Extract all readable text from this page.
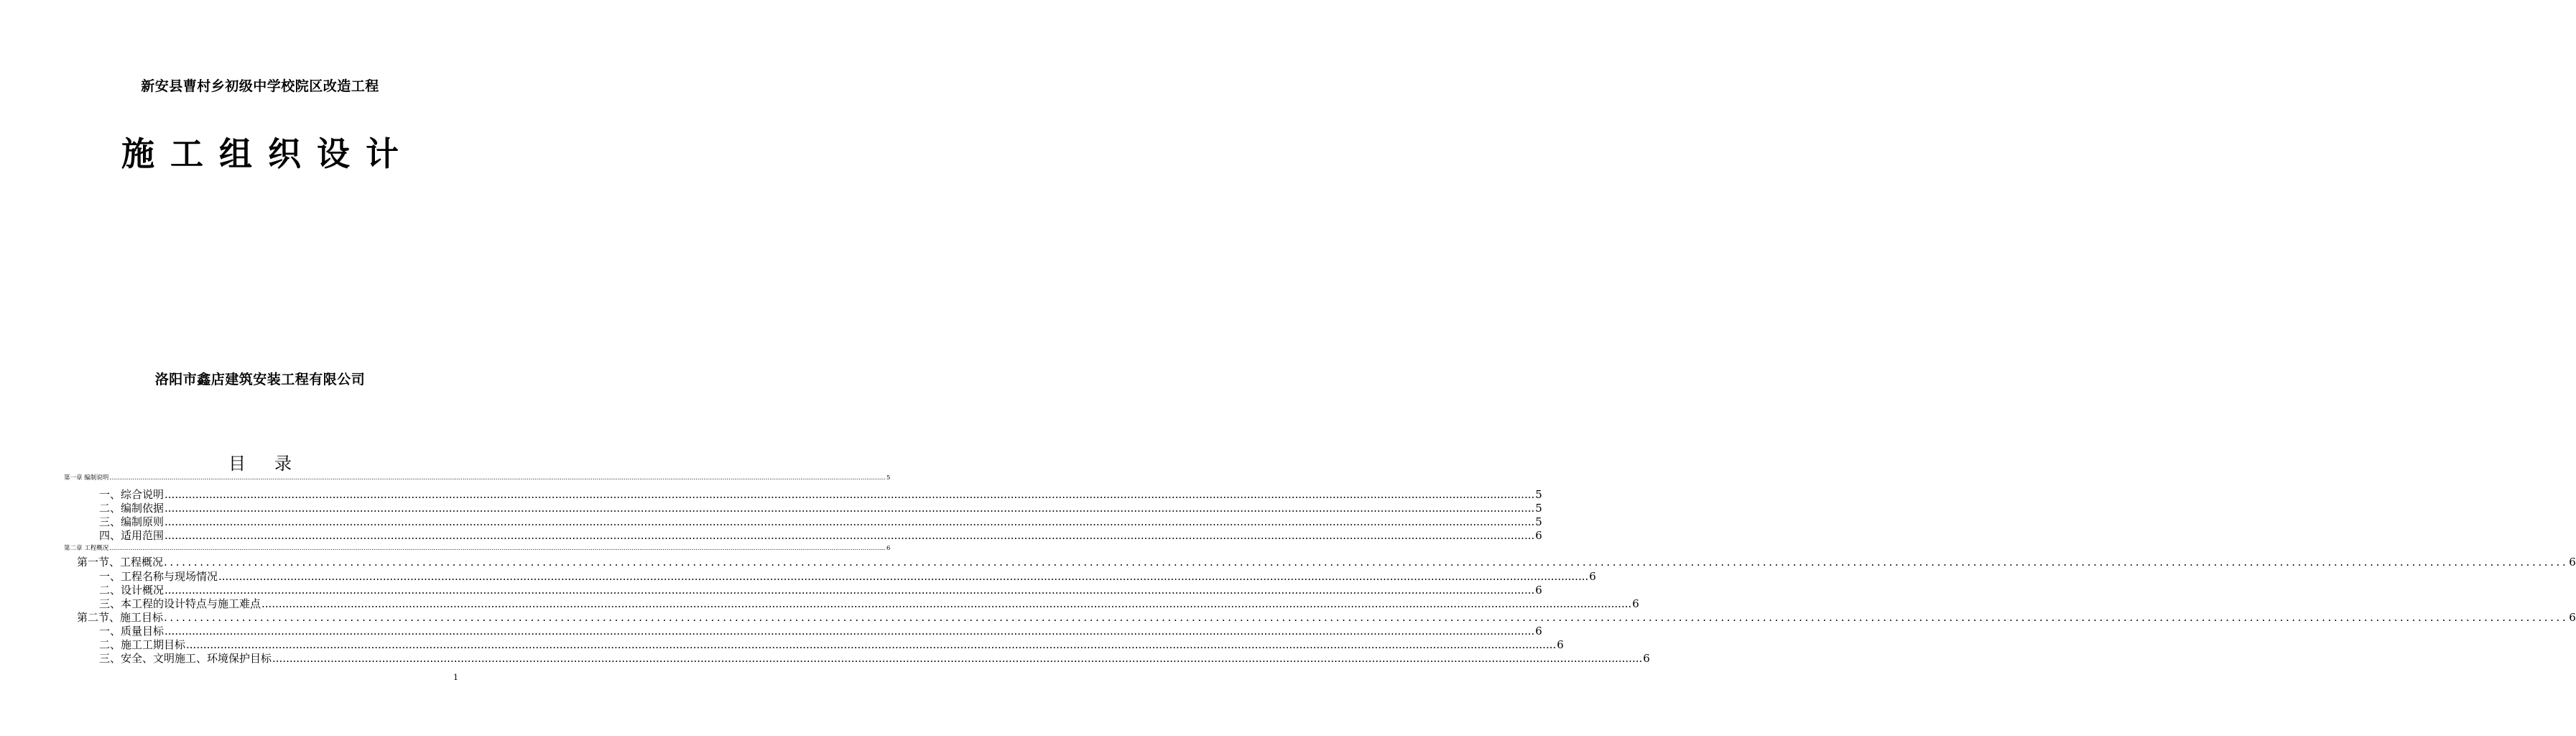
新安县曹村乡初级中学校院区改造工程
施工组织设计
洛阳市鑫店建筑安装工程有限公司
目录
第一章 编制说明 ................................................................................................................................................................................................................................................................................................................................................................................................................ 5
一、综合说明 ................................................................................................................................................................................................................................................................................................................................................................................................................ 5
二、编制依据 ................................................................................................................................................................................................................................................................................................................................................................................................................ 5
三、编制原则 ................................................................................................................................................................................................................................................................................................................................................................................................................ 5
四、适用范围 ................................................................................................................................................................................................................................................................................................................................................................................................................ 6
第二章 工程概况 ................................................................................................................................................................................................................................................................................................................................................................................................................ 6
第一节、工程概况 ................................................................................................................................................................................................................................................................................................................................................................................................................ 6
一、工程名称与现场情况 ................................................................................................................................................................................................................................................................................................................................................................................................................ 6
二、设计概况 ................................................................................................................................................................................................................................................................................................................................................................................................................ 6
三、本工程的设计特点与施工难点 ................................................................................................................................................................................................................................................................................................................................................................................................................ 6
第二节、施工目标 ................................................................................................................................................................................................................................................................................................................................................................................................................ 6
一、质量目标 ................................................................................................................................................................................................................................................................................................................................................................................................................ 6
二、施工工期目标 ................................................................................................................................................................................................................................................................................................................................................................................................................ 6
三、安全、文明施工、环境保护目标 ................................................................................................................................................................................................................................................................................................................................................................................................................ 6
1
